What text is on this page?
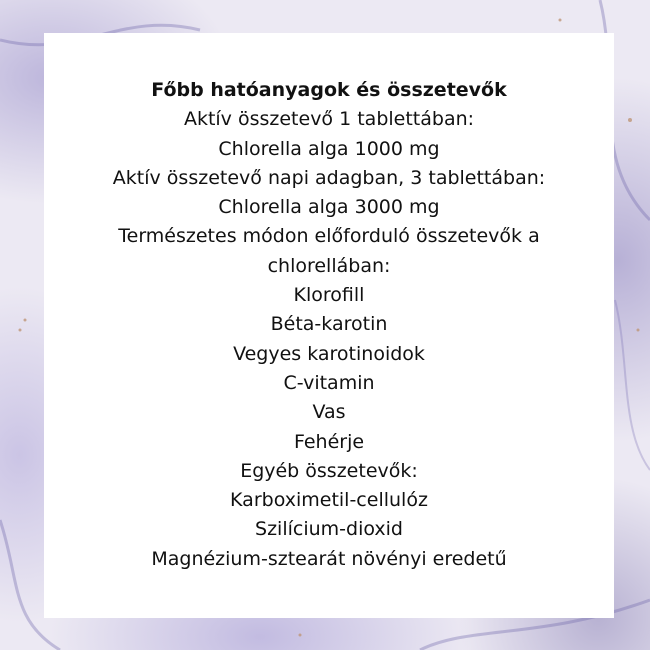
Főbb hatóanyagok és összetevők
Aktív összetevő 1 tablettában:
Chlorella alga 1000 mg
Aktív összetevő napi adagban, 3 tablettában:
Chlorella alga 3000 mg
Természetes módon előforduló összetevők a
chlorellában:
Klorofill
Béta-karotin
Vegyes karotinoidok
C-vitamin
Vas
Fehérje
Egyéb összetevők:
Karboximetil-cellulóz
Szilícium-dioxid
Magnézium-sztearát növényi eredetű
